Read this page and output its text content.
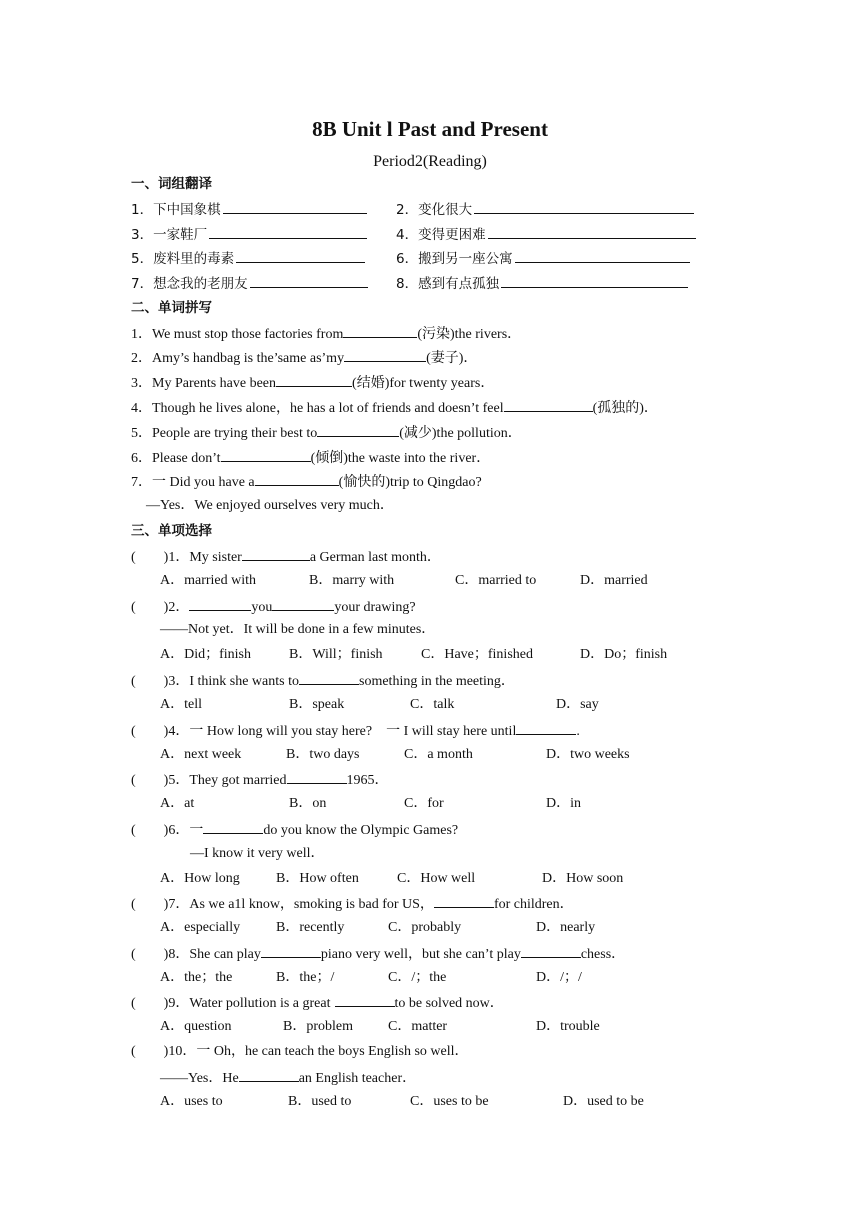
8B Unit l Past and Present
Period2(Reading)
一、词组翻译
1．下中国象棋	2．变化很大
3．一家鞋厂	4．变得更困难
5．废料里的毒素	6．搬到另一座公寓
7．想念我的老朋友	8．感到有点孤独
二、单词拼写
1．We must stop those factories from	(污染)the rivers．
2．Amy’s handbag is the’same as’my	(妻子)．
3．My Parents have been	(结婚)for twenty years．
4．Though he lives alone，he has a lot of friends and doesn’t feel	(孤独的)．
5．People are trying their best to	(减少)the pollution．
6．Please don’t	(倾倒)the waste into the river．
7．一 Did you have a	(愉快的)trip to Qingdao?
—Yes．We enjoyed ourselves very much．
三、单项选择
( )1．My sister	a German last month．
A．married with	B．marry with	C．married to	D．married
( )2．	you	your drawing?
——Not yet．It will be done in a few minutes．
A．Did；finish	B．Will；finish	C．Have；finished	D．Do；finish
( )3．I think she wants to	something in the meeting．
A．tell	B．speak	C．talk	D．say
( )4．一 How long will you stay here?　一 I will stay here until	.
A．next week	B．two days	C．a month	D．two weeks
( )5．They got married	1965．
A．at	B．on	C．for	D．in
( )6．一	do you know the Olympic Games?
—I know it very well．
A．How long	B．How often	C．How well	D．How soon
( )7．As we a1l know，smoking is bad for US，	for children．
A．especially	B．recently	C．probably	D．nearly
( )8．She can play	piano very well，but she can’t play	chess．
A．the；the	B．the；/	C．/；the	D．/；/
( )9．Water pollution is a great	to be solved now．
A．question	B．problem	C．matter	D．trouble
( )10．一 Oh，he can teach the boys English so well．
——Yes．He	an English teacher．
A．uses to	B．used to	C．uses to be	D．used to be
